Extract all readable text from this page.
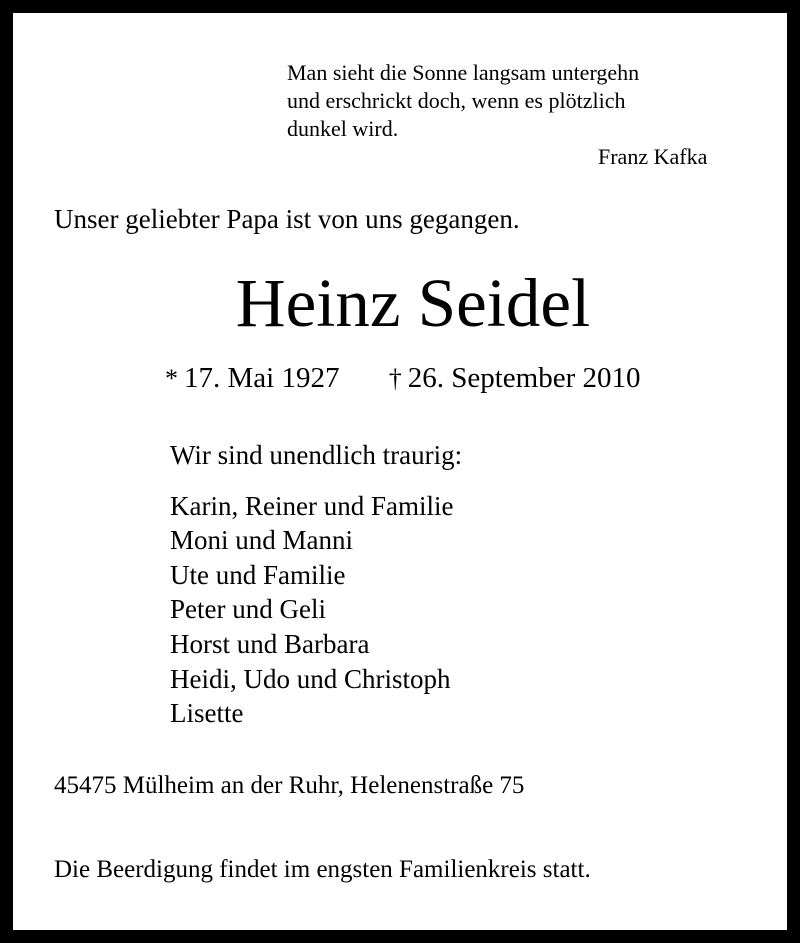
Man sieht die Sonne langsam untergehn
und erschrickt doch, wenn es plötzlich
dunkel wird.
Franz Kafka
Unser geliebter Papa ist von uns gegangen.
Heinz Seidel
* 17. Mai 1927 † 26. September 2010
Wir sind unendlich traurig:
Karin, Reiner und Familie
Moni und Manni
Ute und Familie
Peter und Geli
Horst und Barbara
Heidi, Udo und Christoph
Lisette
45475 Mülheim an der Ruhr, Helenenstraße 75
Die Beerdigung findet im engsten Familienkreis statt.
